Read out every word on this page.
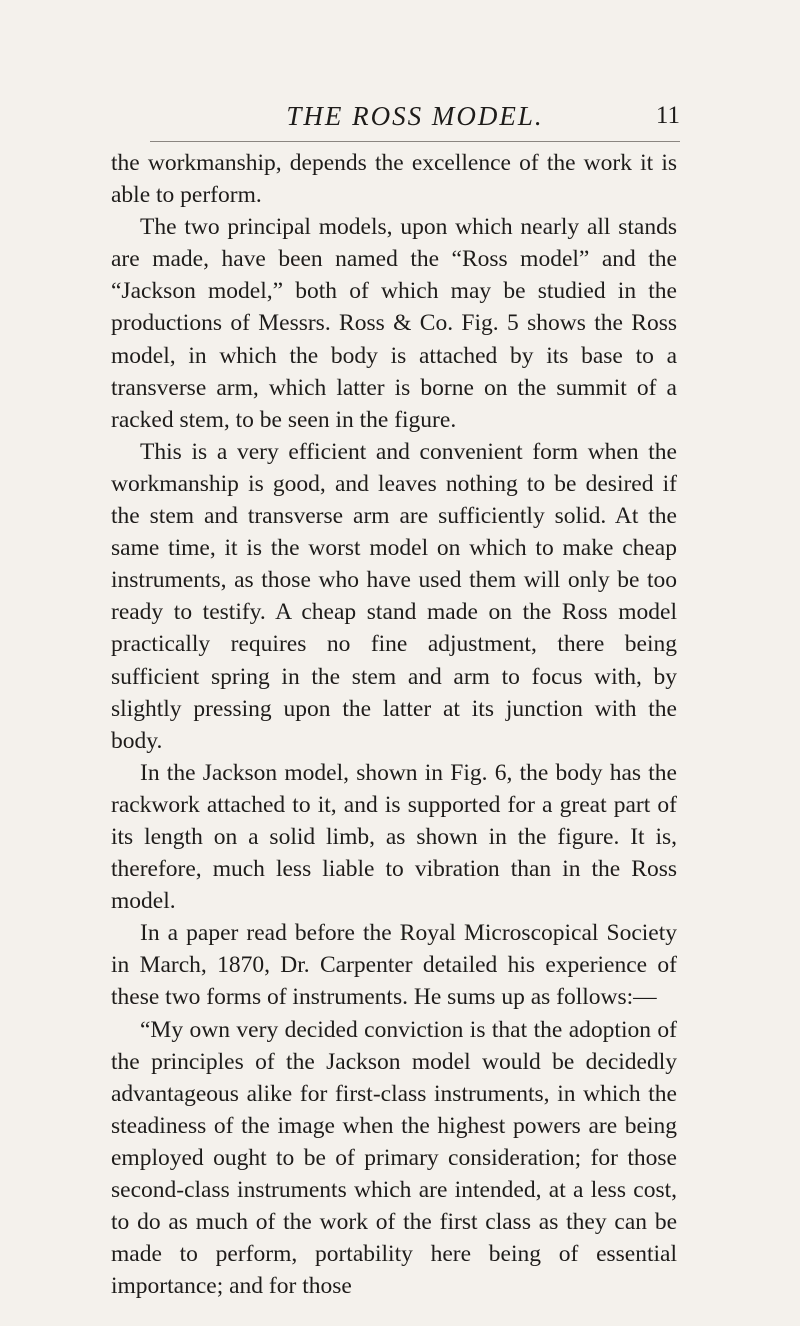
THE ROSS MODEL.	11

the workmanship, depends the excellence of the work it is able to perform.

The two principal models, upon which nearly all stands are made, have been named the “Ross model” and the “Jackson model,” both of which may be studied in the productions of Messrs. Ross & Co. Fig. 5 shows the Ross model, in which the body is attached by its base to a transverse arm, which latter is borne on the summit of a racked stem, to be seen in the figure.

This is a very efficient and convenient form when the workmanship is good, and leaves nothing to be desired if the stem and transverse arm are sufficiently solid. At the same time, it is the worst model on which to make cheap instruments, as those who have used them will only be too ready to testify. A cheap stand made on the Ross model practically requires no fine adjustment, there being sufficient spring in the stem and arm to focus with, by slightly pressing upon the latter at its junction with the body.

In the Jackson model, shown in Fig. 6, the body has the rackwork attached to it, and is supported for a great part of its length on a solid limb, as shown in the figure. It is, therefore, much less liable to vibration than in the Ross model.

In a paper read before the Royal Microscopical Society in March, 1870, Dr. Carpenter detailed his experience of these two forms of instruments. He sums up as follows:—

“My own very decided conviction is that the adoption of the principles of the Jackson model would be decidedly advantageous alike for first-class instruments, in which the steadiness of the image when the highest powers are being employed ought to be of primary consideration; for those second-class instruments which are intended, at a less cost, to do as much of the work of the first class as they can be made to perform, portability here being of essential importance; and for those
